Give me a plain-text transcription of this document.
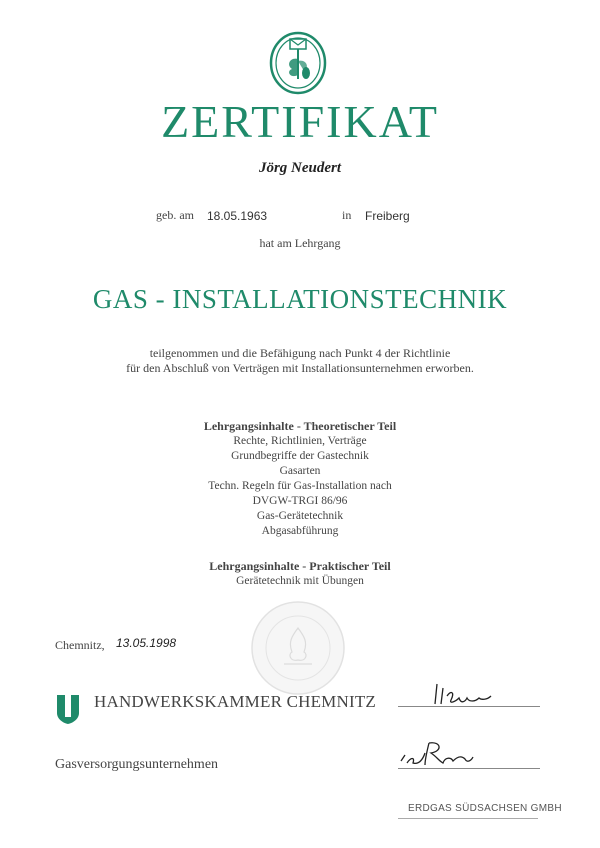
ZERTIFIKAT
Jörg Neudert
geb. am 18.05.1963	in Freiberg
hat am Lehrgang
GAS - INSTALLATIONSTECHNIK
teilgenommen und die Befähigung nach Punkt 4 der Richtlinie
für den Abschluß von Verträgen mit Installationsunternehmen erworben.
Lehrgangsinhalte - Theoretischer Teil
Rechte, Richtlinien, Verträge
Grundbegriffe der Gastechnik
Gasarten
Techn. Regeln für Gas-Installation nach
DVGW-TRGI 86/96
Gas-Gerätetechnik
Abgasabführung
Lehrgangsinhalte - Praktischer Teil
Gerätetechnik mit Übungen
Chemnitz, 13.05.1998
HANDWERKSKAMMER CHEMNITZ
Gasversorgungsunternehmen
ERDGAS SÜDSACHSEN GMBH
